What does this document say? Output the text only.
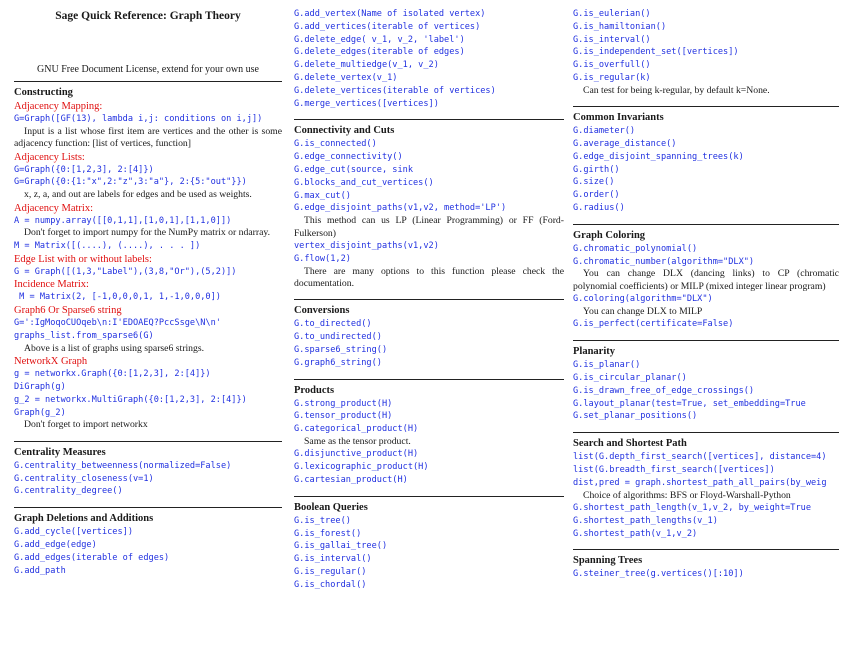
Sage Quick Reference: Graph Theory
GNU Free Document License, extend for your own use
Constructing
Adjacency Mapping:
G=Graph([GF(13), lambda i,j: conditions on i,j])
Input is a list whose first item are vertices and the other is some adjacency function: [list of vertices, function]
Adjacency Lists:
G=Graph({0:[1,2,3], 2:[4]})
G=Graph({0:{1:"x",2:"z",3:"a"}, 2:{5:"out"}})
x, z, a, and out are labels for edges and be used as weights.
Adjacency Matrix:
A = numpy.array([[0,1,1],[1,0,1],[1,1,0]])
Don't forget to import numpy for the NumPy matrix or ndarray.
M = Matrix([(....), (....), . . . ])
Edge List with or without labels:
G = Graph([(1,3,"Label"),(3,8,"Or"),(5,2)])
Incidence Matrix:
M = Matrix(2, [-1,0,0,0,1, 1,-1,0,0,0])
Graph6 Or Sparse6 string
G=':IgMoqoCUOqeb\n:I'EDOAEQ?PccSsge\N\n'
graphs_list.from_sparse6(G)
Above is a list of graphs using sparse6 strings.
NetworkX Graph
g = networkx.Graph({0:[1,2,3], 2:[4]})
DiGraph(g)
g_2 = networkx.MultiGraph({0:[1,2,3], 2:[4]})
Graph(g_2)
Don't forget to import networkx
Centrality Measures
G.centrality_betweenness(normalized=False)
G.centrality_closeness(v=1)
G.centrality_degree()
Graph Deletions and Additions
G.add_cycle([vertices])
G.add_edge(edge)
G.add_edges(iterable of edges)
G.add_path
G.add_vertex(Name of isolated vertex)
G.add_vertices(iterable of vertices)
G.delete_edge( v_1, v_2, 'label')
G.delete_edges(iterable of edges)
G.delete_multiedge(v_1, v_2)
G.delete_vertex(v_1)
G.delete_vertices(iterable of vertices)
G.merge_vertices([vertices])
Connectivity and Cuts
G.is_connected()
G.edge_connectivity()
G.edge_cut(source, sink
G.blocks_and_cut_vertices()
G.max_cut()
G.edge_disjoint_paths(v1,v2, method='LP')
This method can us LP (Linear Programming) or FF (Ford-Fulkerson)
vertex_disjoint_paths(v1,v2)
G.flow(1,2)
There are many options to this function please check the documentation.
Conversions
G.to_directed()
G.to_undirected()
G.sparse6_string()
G.graph6_string()
Products
G.strong_product(H)
G.tensor_product(H)
G.categorical_product(H)
Same as the tensor product.
G.disjunctive_product(H)
G.lexicographic_product(H)
G.cartesian_product(H)
Boolean Queries
G.is_tree()
G.is_forest()
G.is_gallai_tree()
G.is_interval()
G.is_regular()
G.is_chordal()
G.is_eulerian()
G.is_hamiltonian()
G.is_interval()
G.is_independent_set([vertices])
G.is_overfull()
G.is_regular(k)
Can test for being k-regular, by default k=None.
Common Invariants
G.diameter()
G.average_distance()
G.edge_disjoint_spanning_trees(k)
G.girth()
G.size()
G.order()
G.radius()
Graph Coloring
G.chromatic_polynomial()
G.chromatic_number(algorithm="DLX")
You can change DLX (dancing links) to CP (chromatic polynomial coefficients) or MILP (mixed integer linear program)
G.coloring(algorithm="DLX")
You can change DLX to MILP
G.is_perfect(certificate=False)
Planarity
G.is_planar()
G.is_circular_planar()
G.is_drawn_free_of_edge_crossings()
G.layout_planar(test=True, set_embedding=True
G.set_planar_positions()
Search and Shortest Path
list(G.depth_first_search([vertices], distance=4)
list(G.breadth_first_search([vertices])
dist,pred = graph.shortest_path_all_pairs(by_weig
Choice of algorithms: BFS or Floyd-Warshall-Python
G.shortest_path_length(v_1,v_2, by_weight=True
G.shortest_path_lengths(v_1)
G.shortest_path(v_1,v_2)
Spanning Trees
G.steiner_tree(g.vertices()[:10])
